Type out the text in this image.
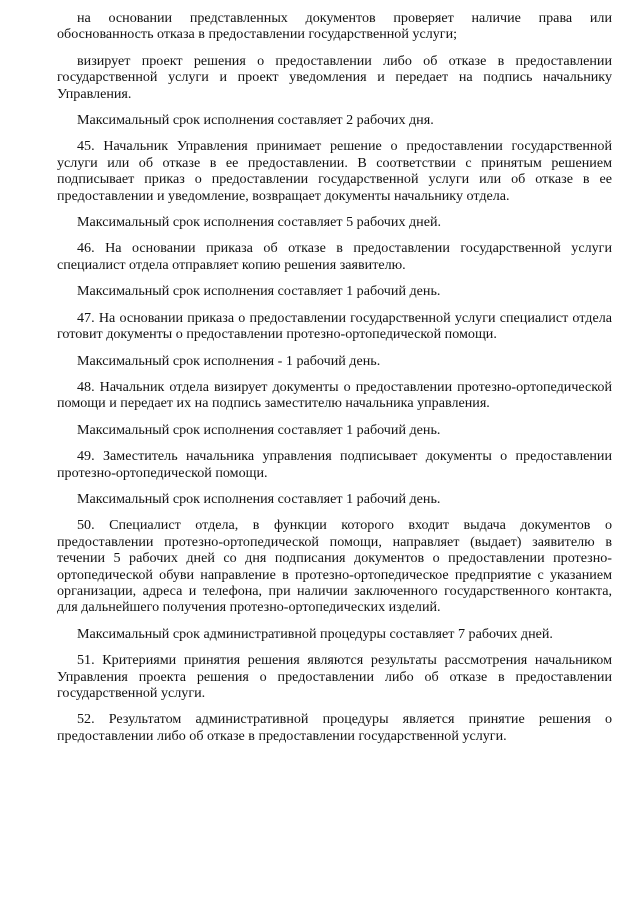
на основании представленных документов проверяет наличие права или обоснованность отказа в предоставлении государственной услуги;

визирует проект решения о предоставлении либо об отказе в предоставлении государственной услуги и проект уведомления и передает на подпись начальнику Управления.

Максимальный срок исполнения составляет 2 рабочих дня.

45. Начальник Управления принимает решение о предоставлении государственной услуги или об отказе в ее предоставлении. В соответствии с принятым решением подписывает приказ о предоставлении государственной услуги или об отказе в ее предоставлении и уведомление, возвращает документы начальнику отдела.

Максимальный срок исполнения составляет 5 рабочих дней.

46. На основании приказа об отказе в предоставлении государственной услуги специалист отдела отправляет копию решения заявителю.

Максимальный срок исполнения составляет 1 рабочий день.

47. На основании приказа о предоставлении государственной услуги специалист отдела готовит документы о предоставлении протезно-ортопедической помощи.

Максимальный срок исполнения - 1 рабочий день.

48. Начальник отдела визирует документы о предоставлении протезно-ортопедической помощи и передает их на подпись заместителю начальника управления.

Максимальный срок исполнения составляет 1 рабочий день.

49. Заместитель начальника управления подписывает документы о предоставлении протезно-ортопедической помощи.

Максимальный срок исполнения составляет 1 рабочий день.

50. Специалист отдела, в функции которого входит выдача документов о предоставлении протезно-ортопедической помощи, направляет (выдает) заявителю в течении 5 рабочих дней со дня подписания документов о предоставлении протезно-ортопедической обуви направление в протезно-ортопедическое предприятие с указанием организации, адреса и телефона, при наличии заключенного государственного контакта, для дальнейшего получения протезно-ортопедических изделий.

Максимальный срок административной процедуры составляет 7 рабочих дней.

51. Критериями принятия решения являются результаты рассмотрения начальником Управления проекта решения о предоставлении либо об отказе в предоставлении государственной услуги.

52. Результатом административной процедуры является принятие решения о предоставлении либо об отказе в предоставлении государственной услуги.
